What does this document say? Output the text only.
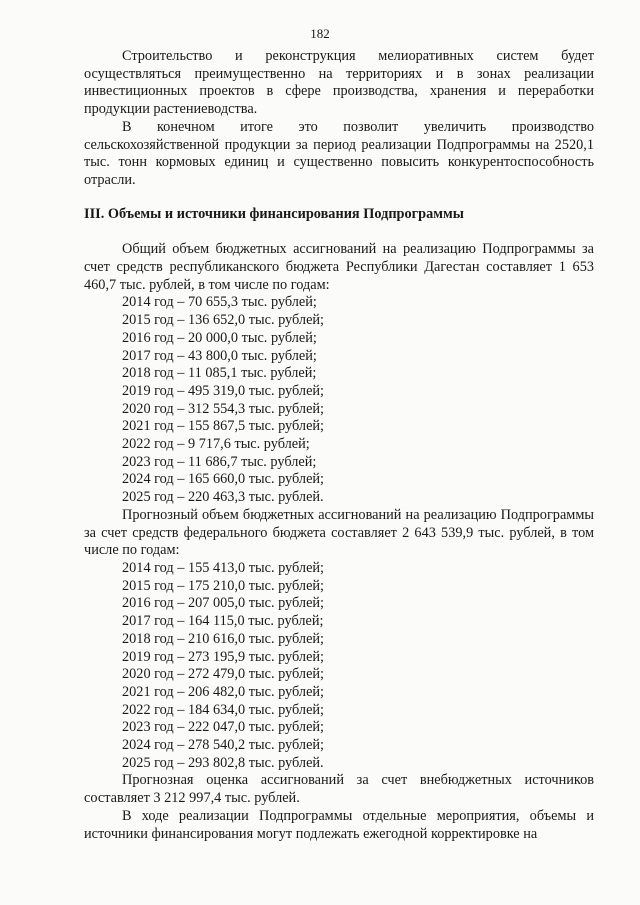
182

Строительство и реконструкция мелиоративных систем будет осуществляться преимущественно на территориях и в зонах реализации инвестиционных проектов в сфере производства, хранения и переработки продукции растениеводства.

В конечном итоге это позволит увеличить производство сельскохозяйственной продукции за период реализации Подпрограммы на 2520,1 тыс. тонн кормовых единиц и существенно повысить конкурентоспособность отрасли.

III. Объемы и источники финансирования Подпрограммы

Общий объем бюджетных ассигнований на реализацию Подпрограммы за счет средств республиканского бюджета Республики Дагестан составляет 1 653 460,7 тыс. рублей, в том числе по годам:

2014 год – 70 655,3 тыс. рублей;
2015 год – 136 652,0 тыс. рублей;
2016 год – 20 000,0 тыс. рублей;
2017 год – 43 800,0 тыс. рублей;
2018 год – 11 085,1 тыс. рублей;
2019 год – 495 319,0 тыс. рублей;
2020 год – 312 554,3 тыс. рублей;
2021 год – 155 867,5 тыс. рублей;
2022 год – 9 717,6 тыс. рублей;
2023 год – 11 686,7 тыс. рублей;
2024 год – 165 660,0 тыс. рублей;
2025 год – 220 463,3 тыс. рублей.

Прогнозный объем бюджетных ассигнований на реализацию Подпрограммы за счет средств федерального бюджета составляет 2 643 539,9 тыс. рублей, в том числе по годам:

2014 год – 155 413,0 тыс. рублей;
2015 год – 175 210,0 тыс. рублей;
2016 год – 207 005,0 тыс. рублей;
2017 год – 164 115,0 тыс. рублей;
2018 год – 210 616,0 тыс. рублей;
2019 год – 273 195,9 тыс. рублей;
2020 год – 272 479,0 тыс. рублей;
2021 год – 206 482,0 тыс. рублей;
2022 год – 184 634,0 тыс. рублей;
2023 год – 222 047,0 тыс. рублей;
2024 год – 278 540,2 тыс. рублей;
2025 год – 293 802,8 тыс. рублей.

Прогнозная оценка ассигнований за счет внебюджетных источников составляет 3 212 997,4 тыс. рублей.

В ходе реализации Подпрограммы отдельные мероприятия, объемы и источники финансирования могут подлежать ежегодной корректировке на
